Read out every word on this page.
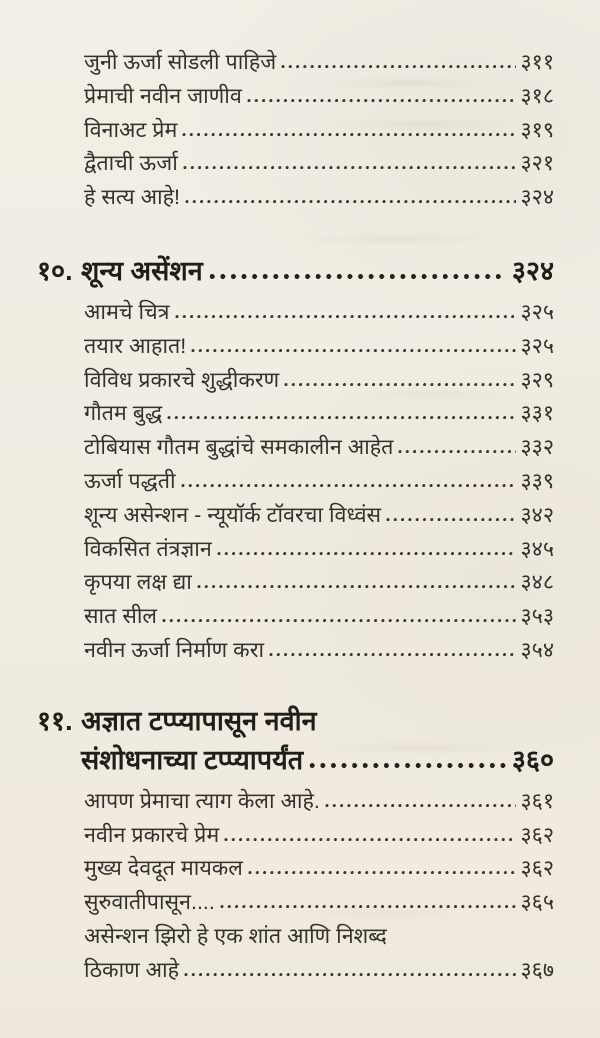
जुनी ऊर्जा सोडली पाहिजे	३११
प्रेमाची नवीन जाणीव	३१८
विनाअट प्रेम	३१९
द्वैताची ऊर्जा	३२१
हे सत्य आहे!	३२४
१०. शून्य असेंशन	३२४
आमचे चित्र	३२५
तयार आहात!	३२५
विविध प्रकारचे शुद्धीकरण	३२९
गौतम बुद्ध	३३१
टोबियास गौतम बुद्धांचे समकालीन आहेत	३३२
ऊर्जा पद्धती	३३९
शून्य असेन्शन - न्यूयॉर्क टॉवरचा विध्वंस	३४२
विकसित तंत्रज्ञान	३४५
कृपया लक्ष द्या	३४८
सात सील	३५३
नवीन ऊर्जा निर्माण करा	३५४
११. अज्ञात टप्प्यापासून नवीन
संशोधनाच्या टप्प्यापर्यंत	३६०
आपण प्रेमाचा त्याग केला आहे.	३६१
नवीन प्रकारचे प्रेम	३६२
मुख्य देवदूत मायकल	३६२
सुरुवातीपासून....	३६५
असेन्शन झिरो हे एक शांत आणि निशब्द
ठिकाण आहे	३६७
